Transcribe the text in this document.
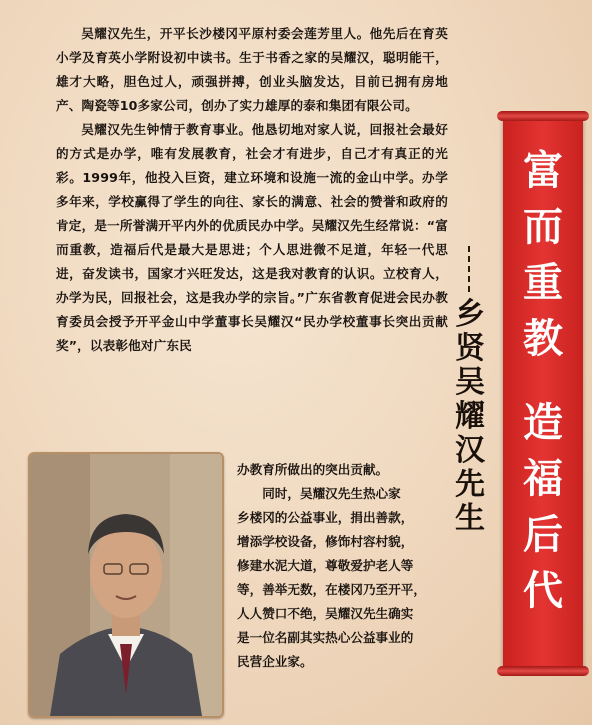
吴耀汉先生，开平长沙楼冈平原村委会莲芳里人。他先后在育英小学及育英小学附设初中读书。生于书香之家的吴耀汉，聪明能干，雄才大略，胆色过人，顽强拼搏，创业头脑发达，目前已拥有房地产、陶瓷等10多家公司，创办了实力雄厚的泰和集团有限公司。

吴耀汉先生钟情于教育事业。他恳切地对家人说，回报社会最好的方式是办学，唯有发展教育，社会才有进步，自己才有真正的光彩。1999年，他投入巨资，建立环境和设施一流的金山中学。办学多年来，学校赢得了学生的向往、家长的满意、社会的赞誉和政府的肯定，是一所誉满开平内外的优质民办中学。吴耀汉先生经常说：“富而重教，造福后代是最大是思进；个人思进微不足道，年轻一代思进，奋发读书，国家才兴旺发达，这是我对教育的认识。立校育人，办学为民，回报社会，这是我办学的宗旨。”广东省教育促进会民办教育委员会授予开平金山中学董事长吴耀汉“民办学校董事长突出贡献奖”，以表彰他对广东民

办教育所做出的突出贡献。
　　同时，吴耀汉先生热心家
乡楼冈的公益事业，捐出善款，
增添学校设备，修饰村容村貌，
修建水泥大道，尊敬爱护老人等
等，善举无数，在楼冈乃至开平，
人人赞口不绝，吴耀汉先生确实
是一位名副其实热心公益事业的
民营企业家。
乡
贤
吴
耀
汉
先
生
富
而
重
教
造
福
后
代
